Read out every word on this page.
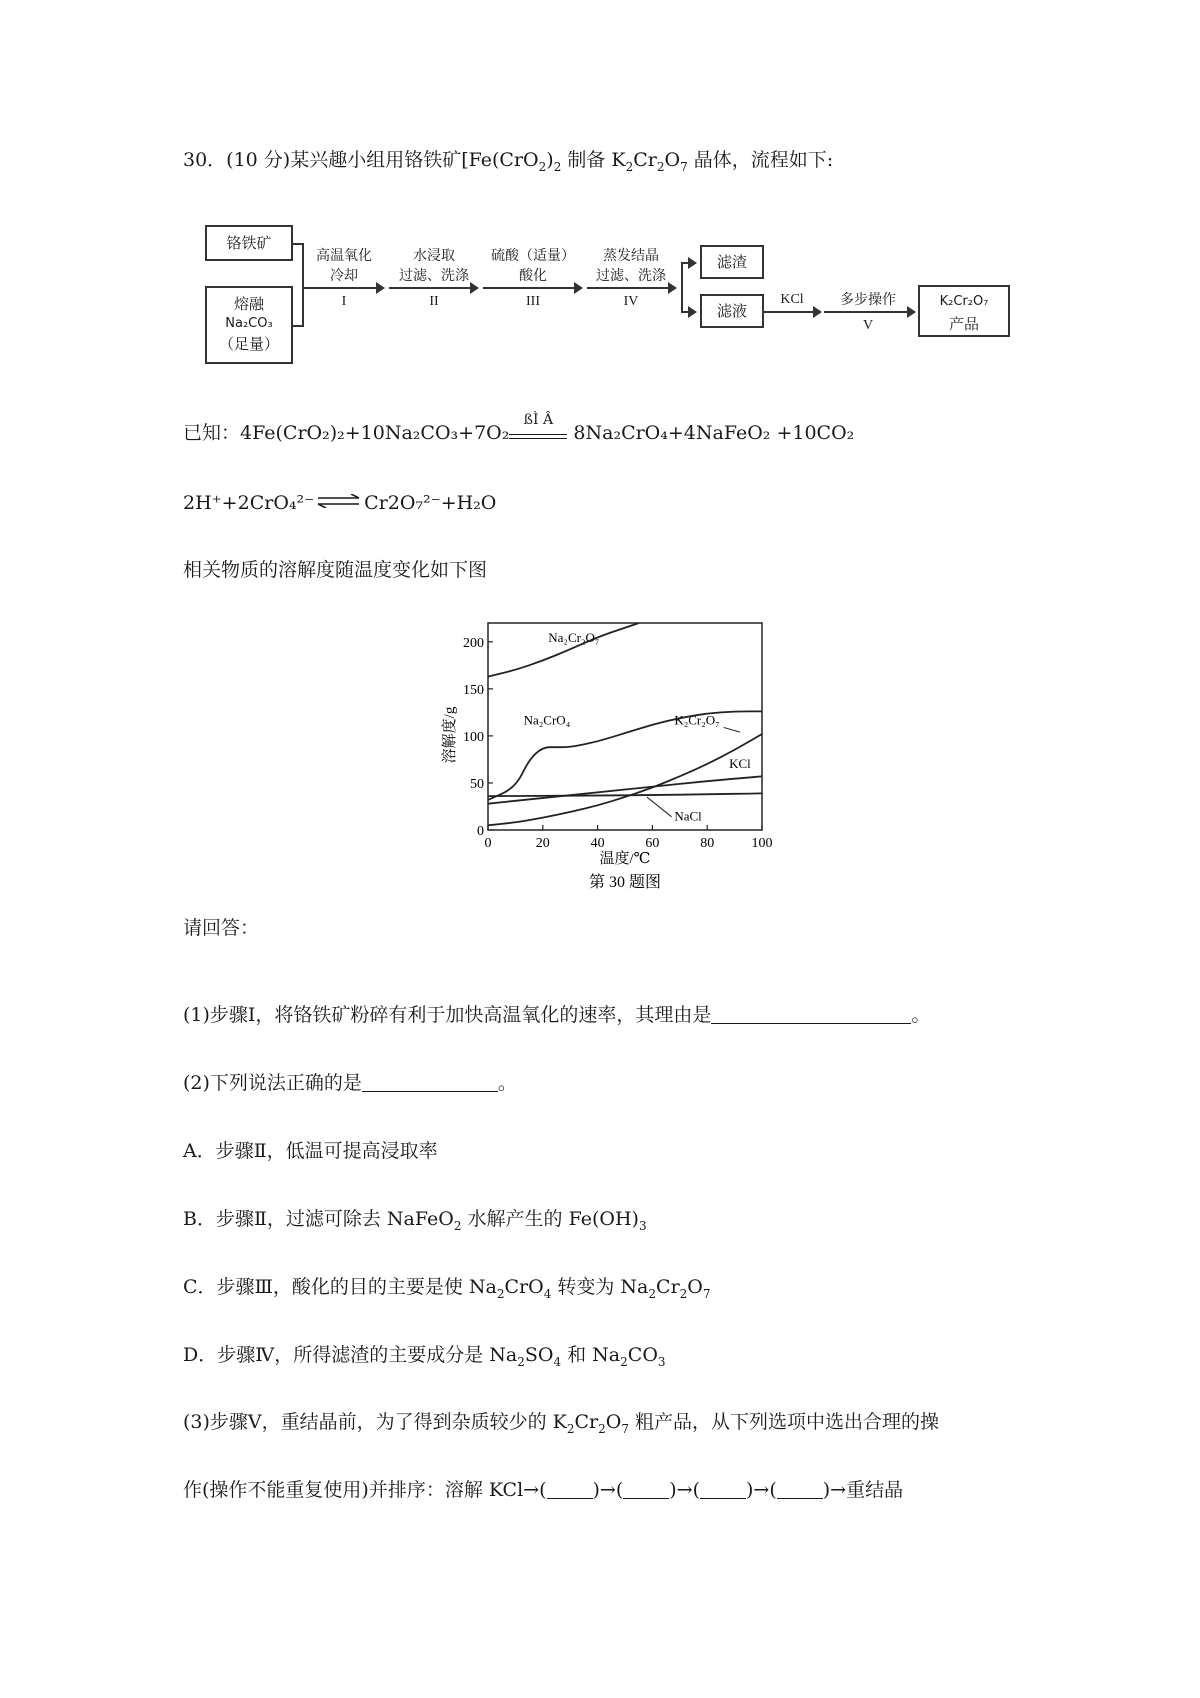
30．(10 分)某兴趣小组用铬铁矿[$Fe(CrO_2)_2$ 制备 $K_2Cr_2O_7$ 晶体，流程如下:
铬铁矿
熔融
Na₂CO₃
（足量）
高温氧化
冷却
I
水浸取
过滤、洗涤
II
硫酸（适量）
酸化
III
蒸发结晶
过滤、洗涤
IV
滤渣
滤液
KCl	多步操作
V
K₂Cr₂O₇
产品
已知：4Fe(CrO₂)₂+10Na₂CO₃+7O₂
ßÌ Â
8Na₂CrO₄+4NaFeO₂ +10CO₂
2H⁺+2CrO₄²⁻ ⇌ Cr2O₇²⁻+H₂O
相关物质的溶解度随温度变化如下图
0	20	40	60	80	100
0
50
100
150
200	Na₂Cr₂O₇
Na₂CrO₄	K₂Cr₂O₇
KCl
NaCl
溶解度/g
温度/℃
第 30 题图
请回答：
(1)步骤Ⅰ，将铬铁矿粉碎有利于加快高温氧化的速率，其理由是	。
(2)下列说法正确的是	。
A．步骤Ⅱ，低温可提高浸取率
B．步骤Ⅱ，过滤可除去 NaFeO$_2$ 水解产生的 $Fe(OH)_3$
C．步骤Ⅲ，酸化的目的主要是使 $Na_2CrO_4$ 转变为 $Na_2Cr_2O_7$
D．步骤Ⅳ，所得滤渣的主要成分是 $Na_2SO_4$ 和 $Na_2CO_3$
(3)步骤Ⅴ，重结晶前，为了得到杂质较少的 $K_2Cr_2O_7$ 粗产品，从下列选项中选出合理的操
作(操作不能重复使用)并排序：溶解 KCl→( )→( )→( )→( )→重结晶
